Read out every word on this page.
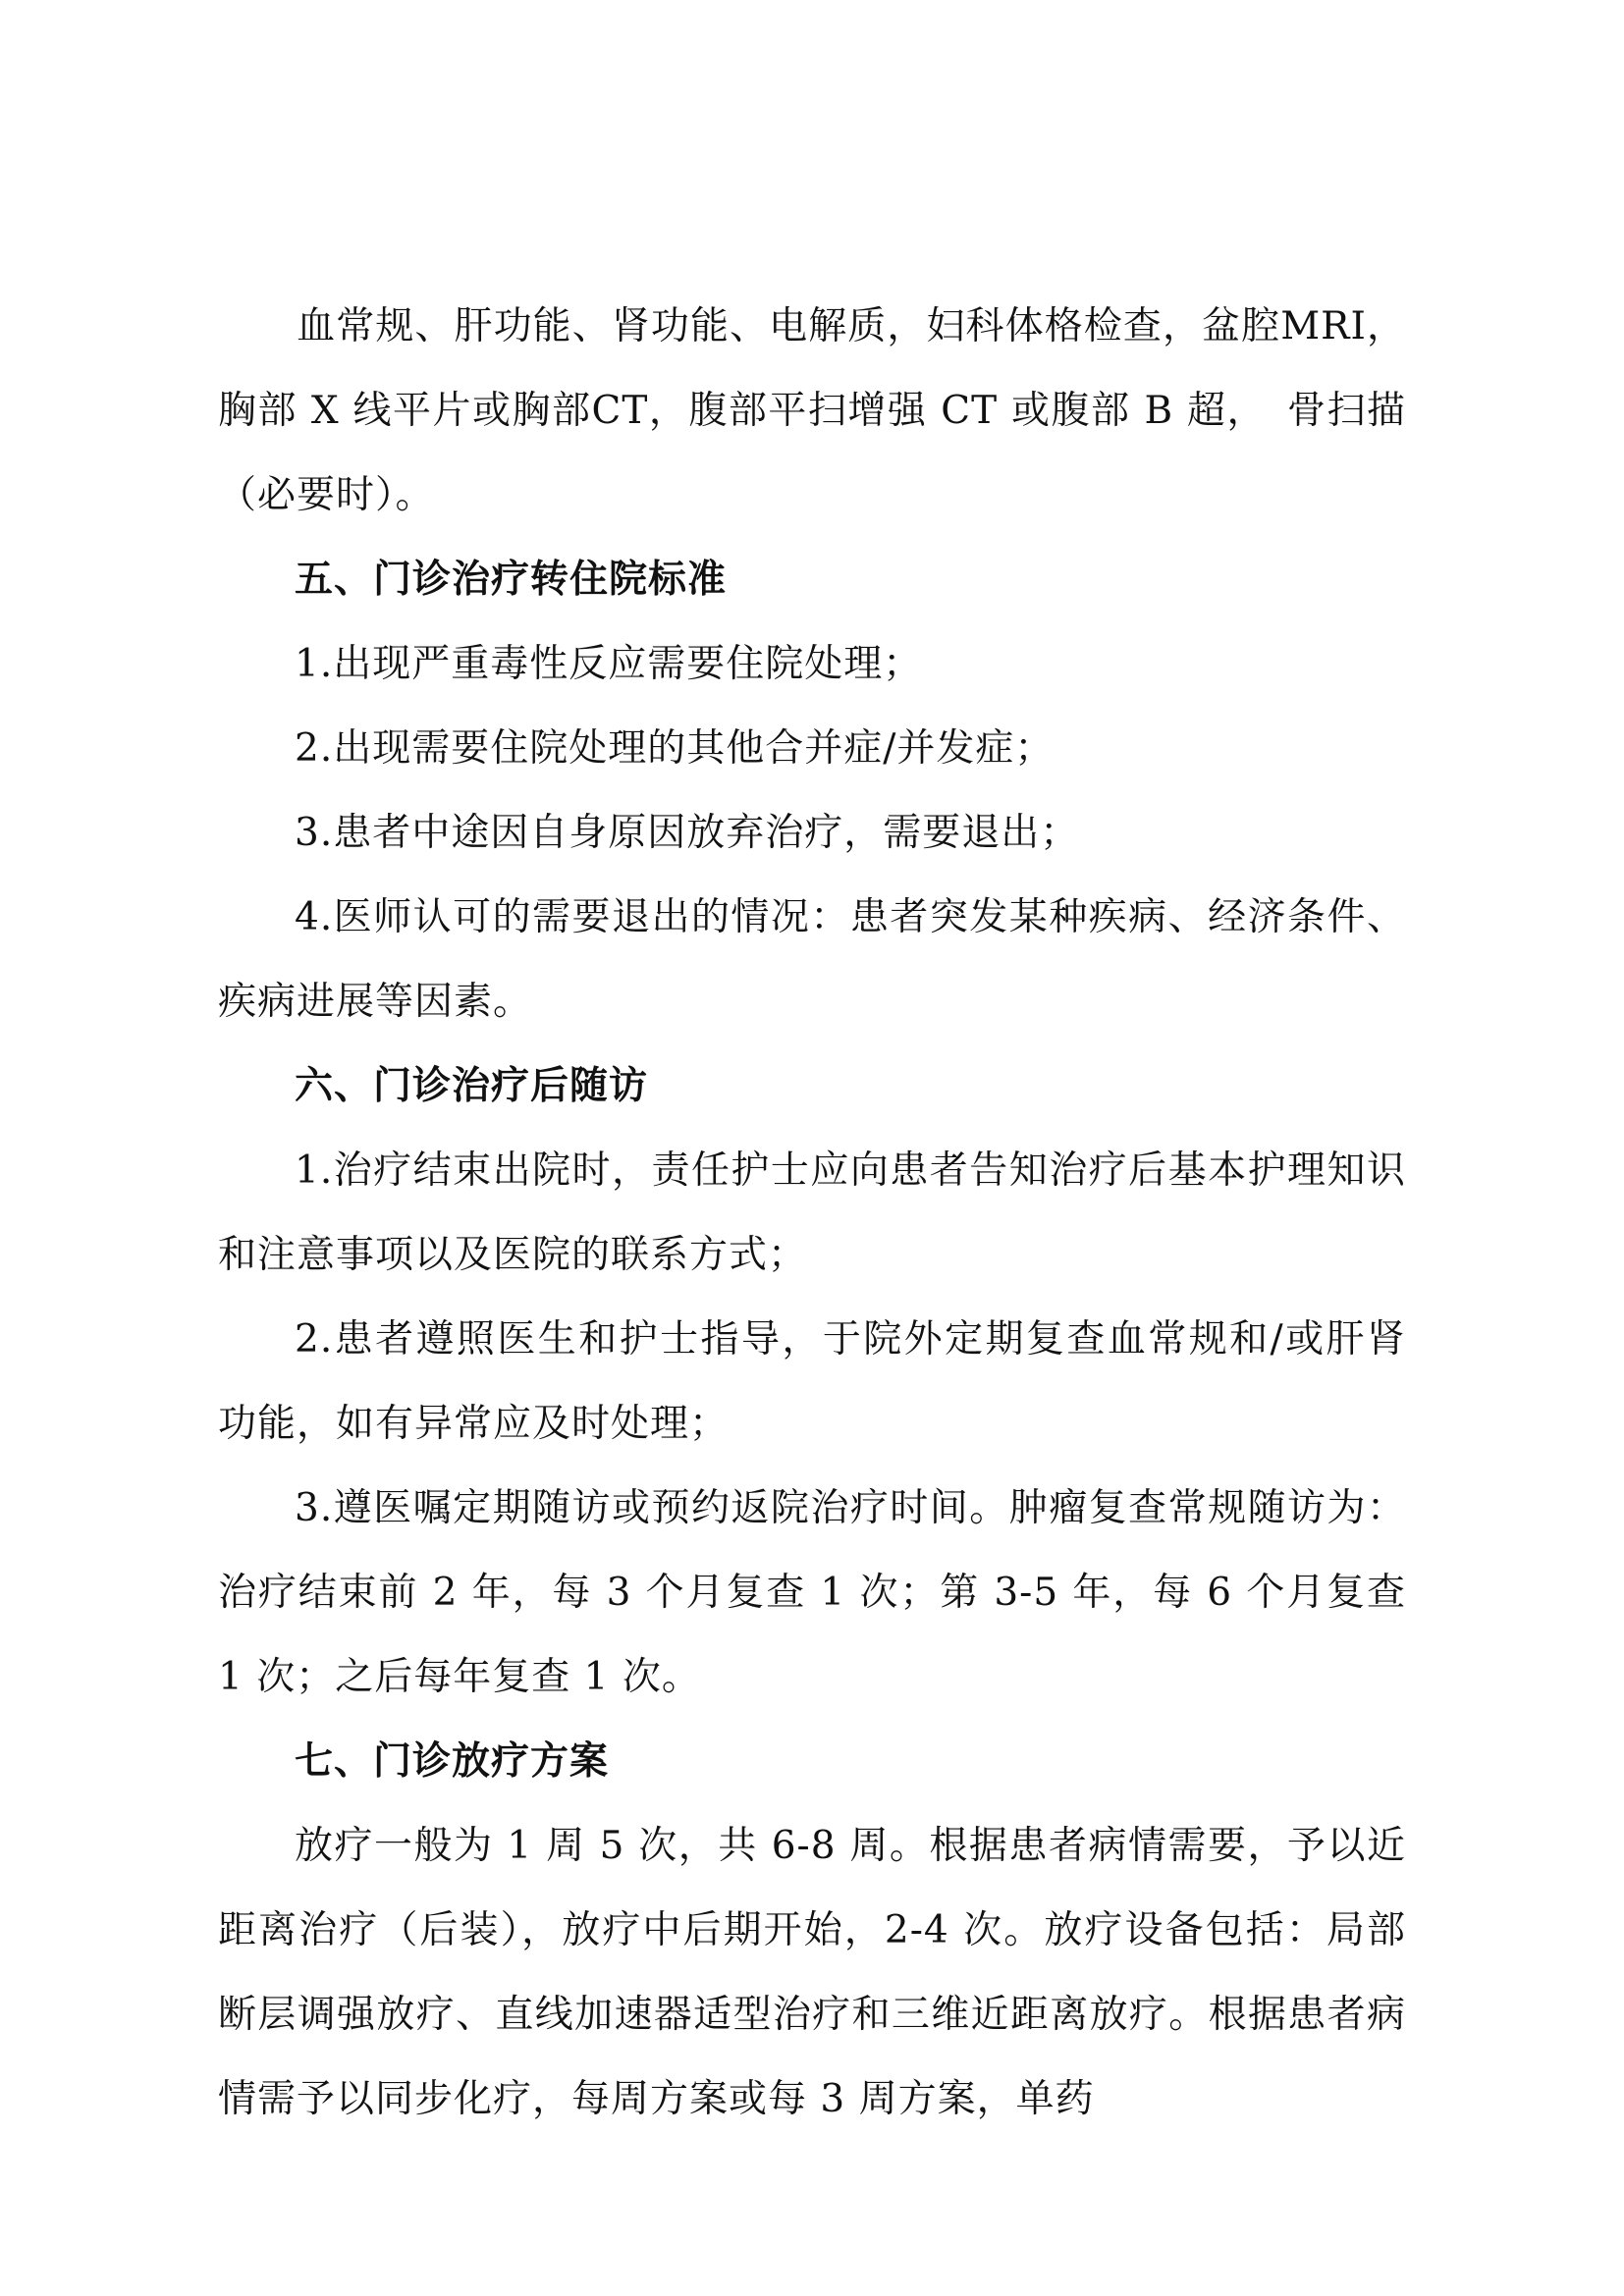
　　血常规、肝功能、肾功能、电解质，妇科体格检查，盆腔MRI，胸部 X 线平片或胸部CT，腹部平扫增强 CT 或腹部 B 超，　骨扫描（必要时）。

五、门诊治疗转住院标准

1.出现严重毒性反应需要住院处理；

2.出现需要住院处理的其他合并症/并发症；

3.患者中途因自身原因放弃治疗，需要退出；

4.医师认可的需要退出的情况：患者突发某种疾病、经济条件、疾病进展等因素。

六、门诊治疗后随访

1.治疗结束出院时，责任护士应向患者告知治疗后基本护理知识和注意事项以及医院的联系方式；

2.患者遵照医生和护士指导，于院外定期复查血常规和/或肝肾功能，如有异常应及时处理；

3.遵医嘱定期随访或预约返院治疗时间。肿瘤复查常规随访为：治疗结束前 2 年，每 3 个月复查 1 次；第 3-5 年，每 6 个月复查 1 次；之后每年复查 1 次。

七、门诊放疗方案

放疗一般为 1 周 5 次，共 6-8 周。根据患者病情需要，予以近距离治疗（后装），放疗中后期开始，2-4 次。放疗设备包括：局部断层调强放疗、直线加速器适型治疗和三维近距离放疗。根据患者病情需予以同步化疗，每周方案或每 3 周方案，单药
